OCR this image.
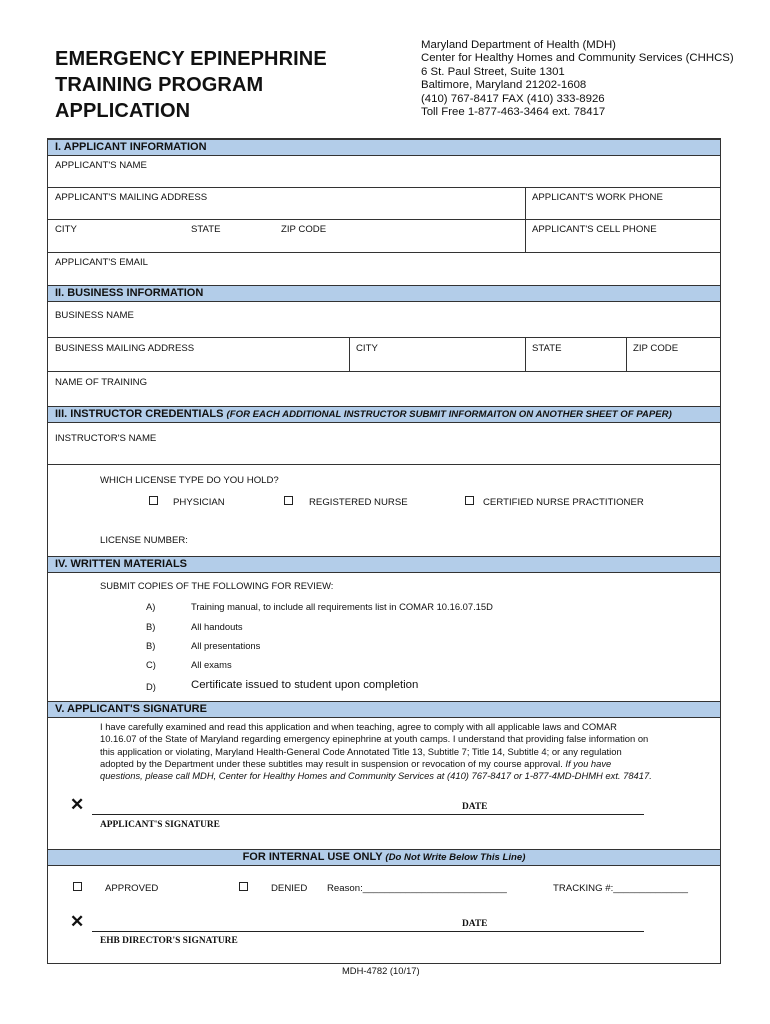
EMERGENCY EPINEPHRINE
TRAINING PROGRAM
APPLICATION
Maryland Department of Health (MDH)
Center for Healthy Homes and Community Services (CHHCS)
6 St. Paul Street, Suite 1301
Baltimore, Maryland 21202-1608
(410) 767-8417 FAX (410) 333-8926
Toll Free 1-877-463-3464 ext. 78417
I. APPLICANT INFORMATION
APPLICANT'S NAME
APPLICANT'S MAILING ADDRESS	APPLICANT'S WORK PHONE
CITY	STATE	ZIP CODE	APPLICANT'S CELL PHONE
APPLICANT'S EMAIL
II. BUSINESS INFORMATION
BUSINESS NAME
BUSINESS MAILING ADDRESS	CITY	STATE	ZIP CODE
NAME OF TRAINING
III. INSTRUCTOR CREDENTIALS (FOR EACH ADDITIONAL INSTRUCTOR SUBMIT INFORMAITON ON ANOTHER SHEET OF PAPER)
INSTRUCTOR'S NAME
WHICH LICENSE TYPE DO YOU HOLD?
PHYSICIAN	REGISTERED NURSE	CERTIFIED NURSE PRACTITIONER
LICENSE NUMBER:
IV. WRITTEN MATERIALS
SUBMIT COPIES OF THE FOLLOWING FOR REVIEW:
A)	Training manual, to include all requirements list in COMAR 10.16.07.15D
B)	All handouts
B)	All presentations
C)	All exams
D)	Certificate issued to student upon completion
V. APPLICANT'S SIGNATURE
I have carefully examined and read this application and when teaching, agree to comply with all applicable laws and COMAR
10.16.07 of the State of Maryland regarding emergency epinephrine at youth camps. I understand that providing false information on
this application or violating, Maryland Health-General Code Annotated Title 13, Subtitle 7; Title 14, Subtitle 4; or any regulation
adopted by the Department under these subtitles may result in suspension or revocation of my course approval. If you have
questions, please call MDH, Center for Healthy Homes and Community Services at (410) 767-8417 or 1-877-4MD-DHMH ext. 78417.
✕	DATE
APPLICANT'S SIGNATURE
FOR INTERNAL USE ONLY (Do Not Write Below This Line)
APPROVED	DENIED Reason:___________________________	TRACKING #:______________
✕	DATE
EHB DIRECTOR'S SIGNATURE
MDH-4782 (10/17)
